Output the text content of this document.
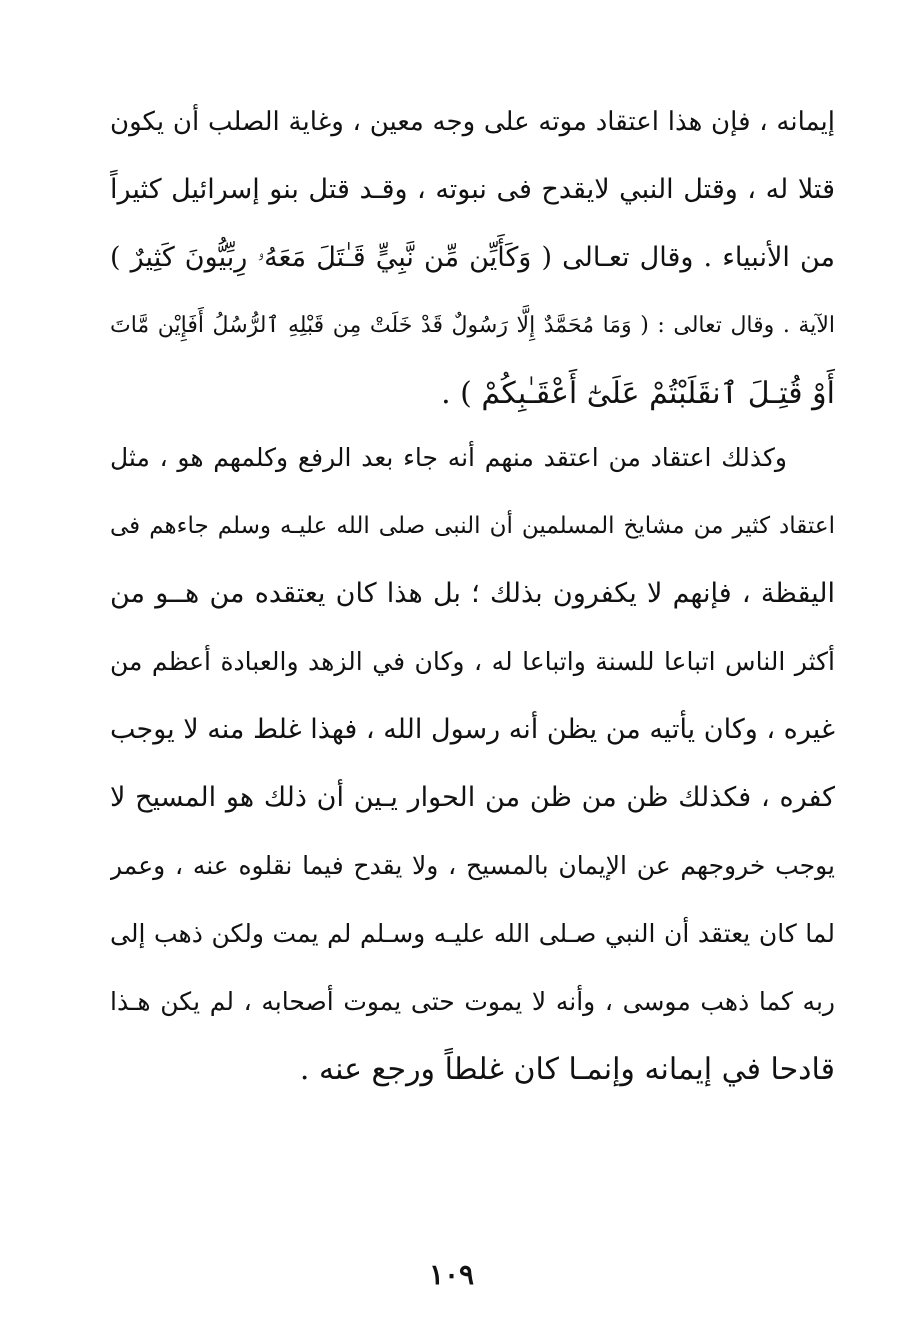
إيمانه ، فإن هذا اعتقاد موته على وجه معين ، وغاية الصلب أن يكون
قتلا له ، وقتل النبي لايقدح فى نبوته ، وقـد قتل بنو إسرائيل كثيراً
من الأنبياء . وقال تعـالى ( وَكَأَيِّن مِّن نَّبِيٍّ قَـٰتَلَ مَعَهُۥ رِبِّيُّونَ كَثِيرٌ )
الآية . وقال تعالى : ( وَمَا مُحَمَّدٌ إِلَّا رَسُولٌ قَدْ خَلَتْ مِن قَبْلِهِ ٱلرُّسُلُ أَفَإِيْن مَّاتَ
أَوْ قُتِـلَ ٱنقَلَبْتُمْ عَلَىٰٓ أَعْقَـٰبِكُمْ ) .
وكذلك اعتقاد من اعتقد منهم أنه جاء بعد الرفع وكلمهم هو ، مثل
اعتقاد كثير من مشايخ المسلمين أن النبى صلى الله عليـه وسلم جاءهم فى
اليقظة ، فإنهم لا يكفرون بذلك ؛ بل هذا كان يعتقده من هــو من
أكثر الناس اتباعا للسنة واتباعا له ، وكان في الزهد والعبادة أعظم من
غيره ، وكان يأتيه من يظن أنه رسول الله ، فهذا غلط منه لا يوجب
كفره ، فكذلك ظن من ظن من الحوار يـين أن ذلك هو المسيح لا
يوجب خروجهم عن الإيمان بالمسيح ، ولا يقدح فيما نقلوه عنه ، وعمر
لما كان يعتقد أن النبي صـلى الله عليـه وسـلم لم يمت ولكن ذهب إلى
ربه كما ذهب موسى ، وأنه لا يموت حتى يموت أصحابه ، لم يكن هـذا
قادحا في إيمانه وإنمـا كان غلطاً ورجع عنه .
١٠٩
